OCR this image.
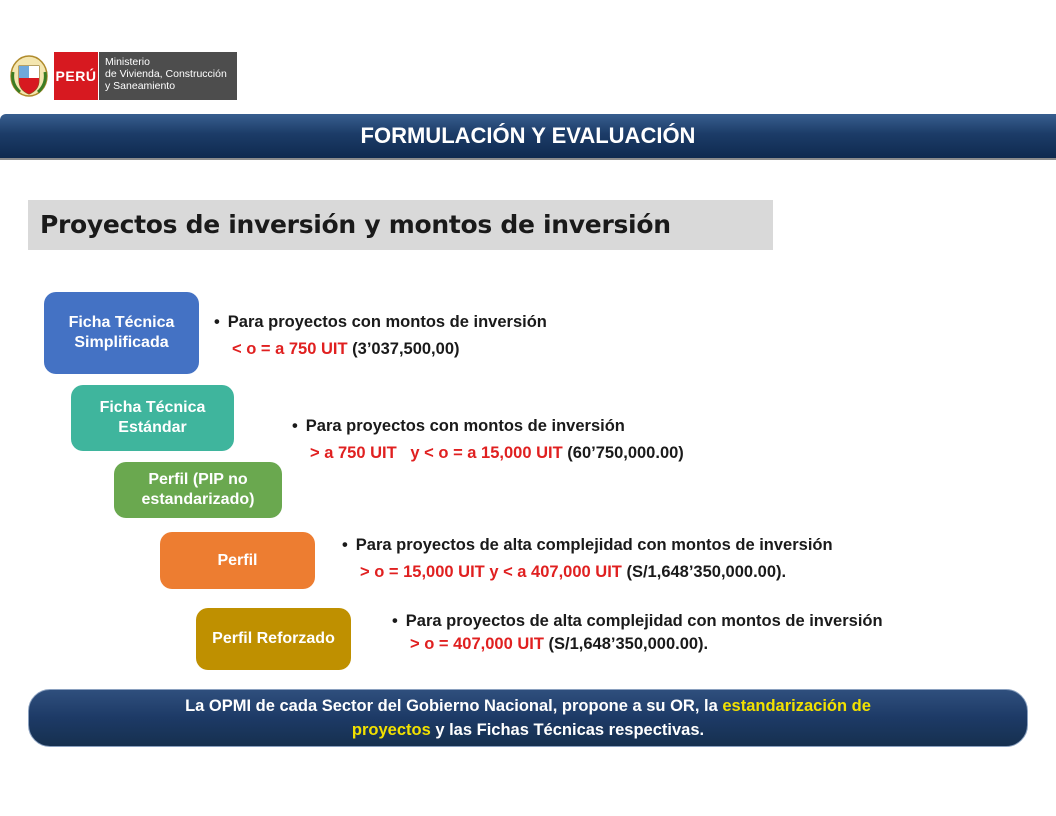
PERÚ
Ministerio
de Vivienda, Construcción
y Saneamiento
FORMULACIÓN Y EVALUACIÓN
Proyectos de inversión y montos de inversión
Ficha Técnica Simplificada
Ficha Técnica Estándar
Perfil (PIP no estandarizado)
Perfil
Perfil Reforzado
• Para proyectos con montos de inversión
< o = a 750 UIT (3’037,500,00)
• Para proyectos con montos de inversión
> a 750 UIT   y < o = a 15,000 UIT (60’750,000.00)
• Para proyectos de alta complejidad con montos de inversión
> o = 15,000 UIT y < a 407,000 UIT (S/1,648’350,000.00).
• Para proyectos de alta complejidad con montos de inversión
> o = 407,000 UIT (S/1,648’350,000.00).
La OPMI de cada Sector del Gobierno Nacional, propone a su OR, la estandarización de
proyectos y las Fichas Técnicas respectivas.
